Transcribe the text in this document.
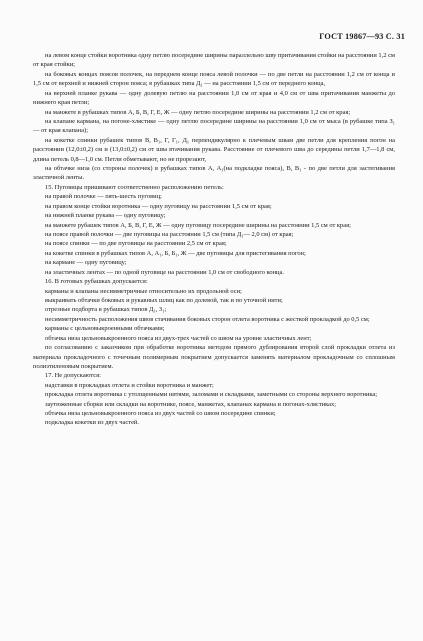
ГОСТ 19867—93 С. 31

на левом конце стойки воротника одну петлю посередине ширины параллельно шву притачивания стойки на расстоянии 1,2 см от края стойки;

на боковых концах поясов полочек, на переднем конце пояса левой полочки — по две петли на расстоянии 1,2 см от конца и 1,5 см от верхней и нижней сторон пояса; в рубашках типа Д₁ — на расстоянии 1,5 см от переднего конца,

на верхней планке рукава — одну долевую петлю на расстоянии 1,0 см от края и 4,0 см от шва притачивания манжеты до нижнего края петли;

на манжете в рубашках типов А, Б, В, Г, Е, Ж — одну петлю посередине ширины на расстоянии 1,2 см от края;

на клапане кармана, на погоне-хлястике — одну петлю посередине ширины на расстоянии 1,0 см от мыса (в рубашке типа З₁ — от края клапана);

на кокетке спинки рубашек типов В, В₁, Г, Г₁, Д₁ перпендикулярно к плечевым швам две петли для крепления погон на расстоянии (12,0±0,2) см и (13,0±0,2) см от шва втачивания рукава. Расстояние от плечевого шва до середины петли 1,7—1,8 см, длина петель 0,8—1,0 см. Петли обметывают, но не прорезают,

на обтачке низа (со стороны полочек) в рубашках типов А, А₁(на подкладке пояса), В, В₁ - по две петли для застегивания эластичной ленты.

15. Пуговицы пришивают соответственно расположению петель:

на правой полочке — пять-шесть пуговиц;

на правом конце стойки воротника — одну пуговицу на расстоянии 1,5 см от края;

на нижней планке рукава — одну пуговицу;

на манжете рубашек типов А, Б, В, Г, Е, Ж — одну пуговицу посередине ширины на расстоянии 1,5 см от края;

на поясе правой полочки — две пуговицы на расстоянии 1,5 см (типа Д₁— 2,0 см) от края;

на поясе спинки — по две пуговицы на расстоянии 2,5 см от края;

на кокетке спинки в рубашках типов А, А₁, Б, Б₁, Ж — две пуговицы для пристегивания погон;

на кармане — одну пуговицу;

на эластичных лентах — по одной пуговице на расстоянии 1,0 см от свободного конца.

16. В готовых рубашках допускается:

карманы и клапаны несимметричные относительно их продольной оси;

выкраивать обтачки боковых и рукавных шлиц как по долевой, так и по уточной нити;

отрезные подборта в рубашках типов Д₁, З₁;

несимметричность расположения швов стачивания боковых сторон отлета воротника с жесткой прокладкой до 0,5 см;

карманы с цельновыкроенными обтачками;

обтачка низа цельновыкроенного пояса из двух-трех частей со швом на уровне эластичных лент;

по согласованию с заказчиком при обработке воротника методом прямого дублирования второй слой прокладки отлета из материала прокладочного с точечным полимерным покрытием допускается заменять материалом прокладочным со сплошным полиэтиленовым покрытием.

17. Не допускаются:

надставки в прокладках отлета и стойки воротника и манжет;

прокладка отлета воротника с утолщенными нитями, заломами и складками, заметными со стороны верхнего воротника;

заутюженные сборки или складки на воротнике, поясе, манжетах, клапанах кармана и погонах-хлястиках;

обтачка низа цельновыкроенного пояса из двух частей со швом посередине спинки;

подкладка кокетки из двух частей.
